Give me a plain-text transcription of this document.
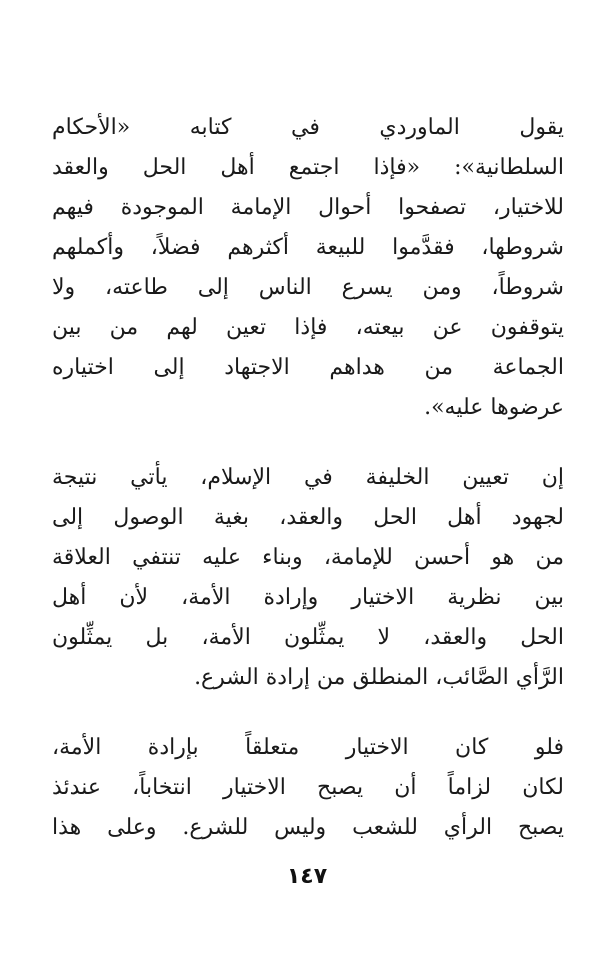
يقول الماوردي في كتابه «الأحكام
السلطانية»: «فإذا اجتمع أهل الحل والعقد
للاختيار، تصفحوا أحوال الإمامة الموجودة فيهم
شروطها، فقدَّموا للبيعة أكثرهم فضلاً، وأكملهم
شروطاً، ومن يسرع الناس إلى طاعته، ولا
يتوقفون عن بيعته، فإذا تعين لهم من بين
الجماعة من هداهم الاجتهاد إلى اختياره
عرضوها عليه».
إن تعيين الخليفة في الإسلام، يأتي نتيجة
لجهود أهل الحل والعقد، بغية الوصول إلى
من هو أحسن للإمامة، وبناء عليه تنتفي العلاقة
بين نظرية الاختيار وإرادة الأمة، لأن أهل
الحل والعقد، لا يمثِّلون الأمة، بل يمثِّلون
الرَّأي الصَّائب، المنطلق من إرادة الشرع.
فلو كان الاختيار متعلقاً بإرادة الأمة،
لكان لزاماً أن يصبح الاختيار انتخاباً، عندئذ
يصبح الرأي للشعب وليس للشرع. وعلى هذا
١٤٧
